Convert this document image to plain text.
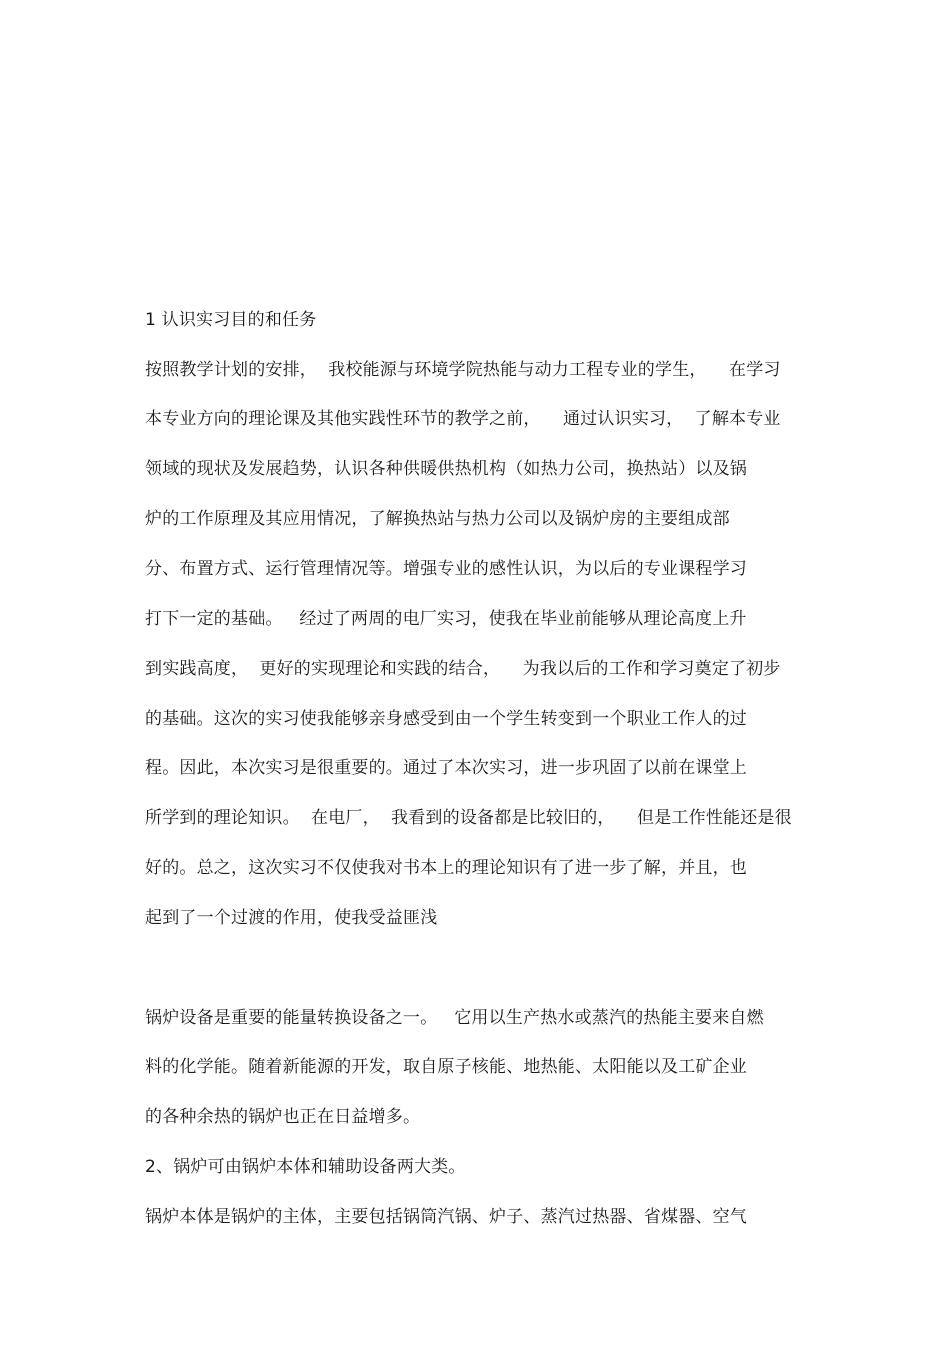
1 认识实习目的和任务
按照教学计划的安排，  我校能源与环境学院热能与动力工程专业的学生，    在学习
本专业方向的理论课及其他实践性环节的教学之前，    通过认识实习，  了解本专业
领域的现状及发展趋势，认识各种供暖供热机构（如热力公司，换热站）以及锅
炉的工作原理及其应用情况，了解换热站与热力公司以及锅炉房的主要组成部
分、布置方式、运行管理情况等。增强专业的感性认识，为以后的专业课程学习
打下一定的基础。   经过了两周的电厂实习，使我在毕业前能够从理论高度上升
到实践高度，  更好的实现理论和实践的结合，    为我以后的工作和学习奠定了初步
的基础。这次的实习使我能够亲身感受到由一个学生转变到一个职业工作人的过
程。因此，本次实习是很重要的。通过了本次实习，进一步巩固了以前在课堂上
所学到的理论知识。  在电厂，  我看到的设备都是比较旧的，    但是工作性能还是很
好的。总之，这次实习不仅使我对书本上的理论知识有了进一步了解，并且，也
起到了一个过渡的作用，使我受益匪浅
锅炉设备是重要的能量转换设备之一。   它用以生产热水或蒸汽的热能主要来自燃
料的化学能。随着新能源的开发，取自原子核能、地热能、太阳能以及工矿企业
的各种余热的锅炉也正在日益增多。
2、锅炉可由锅炉本体和辅助设备两大类。
锅炉本体是锅炉的主体，主要包括锅筒汽锅、炉子、蒸汽过热器、省煤器、空气
